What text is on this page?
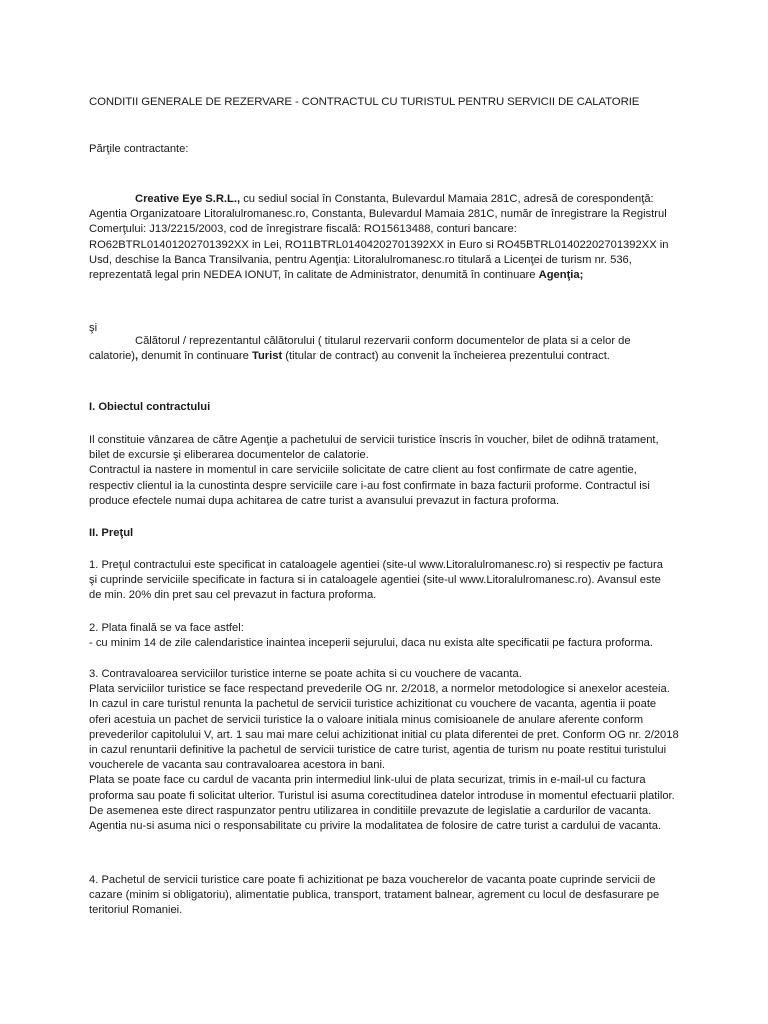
CONDITII GENERALE DE REZERVARE - CONTRACTUL CU TURISTUL PENTRU SERVICII DE CALATORIE

Părţile contractante:

Creative Eye S.R.L., cu sediul social în Constanta, Bulevardul Mamaia 281C, adresă de corespondenţă: Agentia Organizatoare Litoralulromanesc.ro, Constanta, Bulevardul Mamaia 281C, număr de înregistrare la Registrul Comerţului: J13/2215/2003, cod de înregistrare fiscală: RO15613488, conturi bancare: RO62BTRL01401202701392XX in Lei, RO11BTRL01404202701392XX in Euro si RO45BTRL01402202701392XX in Usd, deschise la Banca Transilvania, pentru Agenţia: Litoralulromanesc.ro titulară a Licenţei de turism nr. 536, reprezentată legal prin NEDEA IONUT, în calitate de Administrator, denumită în continuare Agenţia;

şi

Călătorul / reprezentantul călătorului ( titularul rezervarii conform documentelor de plata si a celor de calatorie), denumit în continuare Turist (titular de contract) au convenit la încheierea prezentului contract.

I. Obiectul contractului

Il constituie vânzarea de către Agenţie a pachetului de servicii turistice înscris în voucher, bilet de odihnă tratament, bilet de excursie şi eliberarea documentelor de calatorie.

Contractul ia nastere in momentul in care serviciile solicitate de catre client au fost confirmate de catre agentie, respectiv clientul ia la cunostinta despre serviciile care i-au fost confirmate in baza facturii proforme. Contractul isi produce efectele numai dupa achitarea de catre turist a avansului prevazut in factura proforma.

II. Preţul

1. Preţul contractului este specificat in cataloagele agentiei (site-ul www.Litoralulromanesc.ro) si respectiv pe factura şi cuprinde serviciile specificate in factura si in cataloagele agentiei (site-ul www.Litoralulromanesc.ro). Avansul este de min. 20% din pret sau cel prevazut in factura proforma.

2. Plata finală se va face astfel:

- cu minim 14 de zile calendaristice inaintea inceperii sejurului, daca nu exista alte specificatii pe factura proforma.

3. Contravaloarea serviciilor turistice interne se poate achita si cu vouchere de vacanta.

Plata serviciilor turistice se face respectand prevederile OG nr. 2/2018, a normelor metodologice si anexelor acesteia. In cazul in care turistul renunta la pachetul de servicii turistice achizitionat cu vouchere de vacanta, agentia ii poate oferi acestuia un pachet de servicii turistice la o valoare initiala minus comisioanele de anulare aferente conform prevederilor capitolului V, art. 1 sau mai mare celui achizitionat initial cu plata diferentei de pret. Conform OG nr. 2/2018 in cazul renuntarii definitive la pachetul de servicii turistice de catre turist, agentia de turism nu poate restitui turistului voucherele de vacanta sau contravaloarea acestora in bani.

Plata se poate face cu cardul de vacanta prin intermediul link-ului de plata securizat, trimis in e-mail-ul cu factura proforma sau poate fi solicitat ulterior. Turistul isi asuma corectitudinea datelor introduse in momentul efectuarii platilor. De asemenea este direct raspunzator pentru utilizarea in conditiile prevazute de legislatie a cardurilor de vacanta. Agentia nu-si asuma nici o responsabilitate cu privire la modalitatea de folosire de catre turist a cardului de vacanta.

4. Pachetul de servicii turistice care poate fi achizitionat pe baza voucherelor de vacanta poate cuprinde servicii de cazare (minim si obligatoriu), alimentatie publica, transport, tratament balnear, agrement cu locul de desfasurare pe teritoriul Romaniei.
